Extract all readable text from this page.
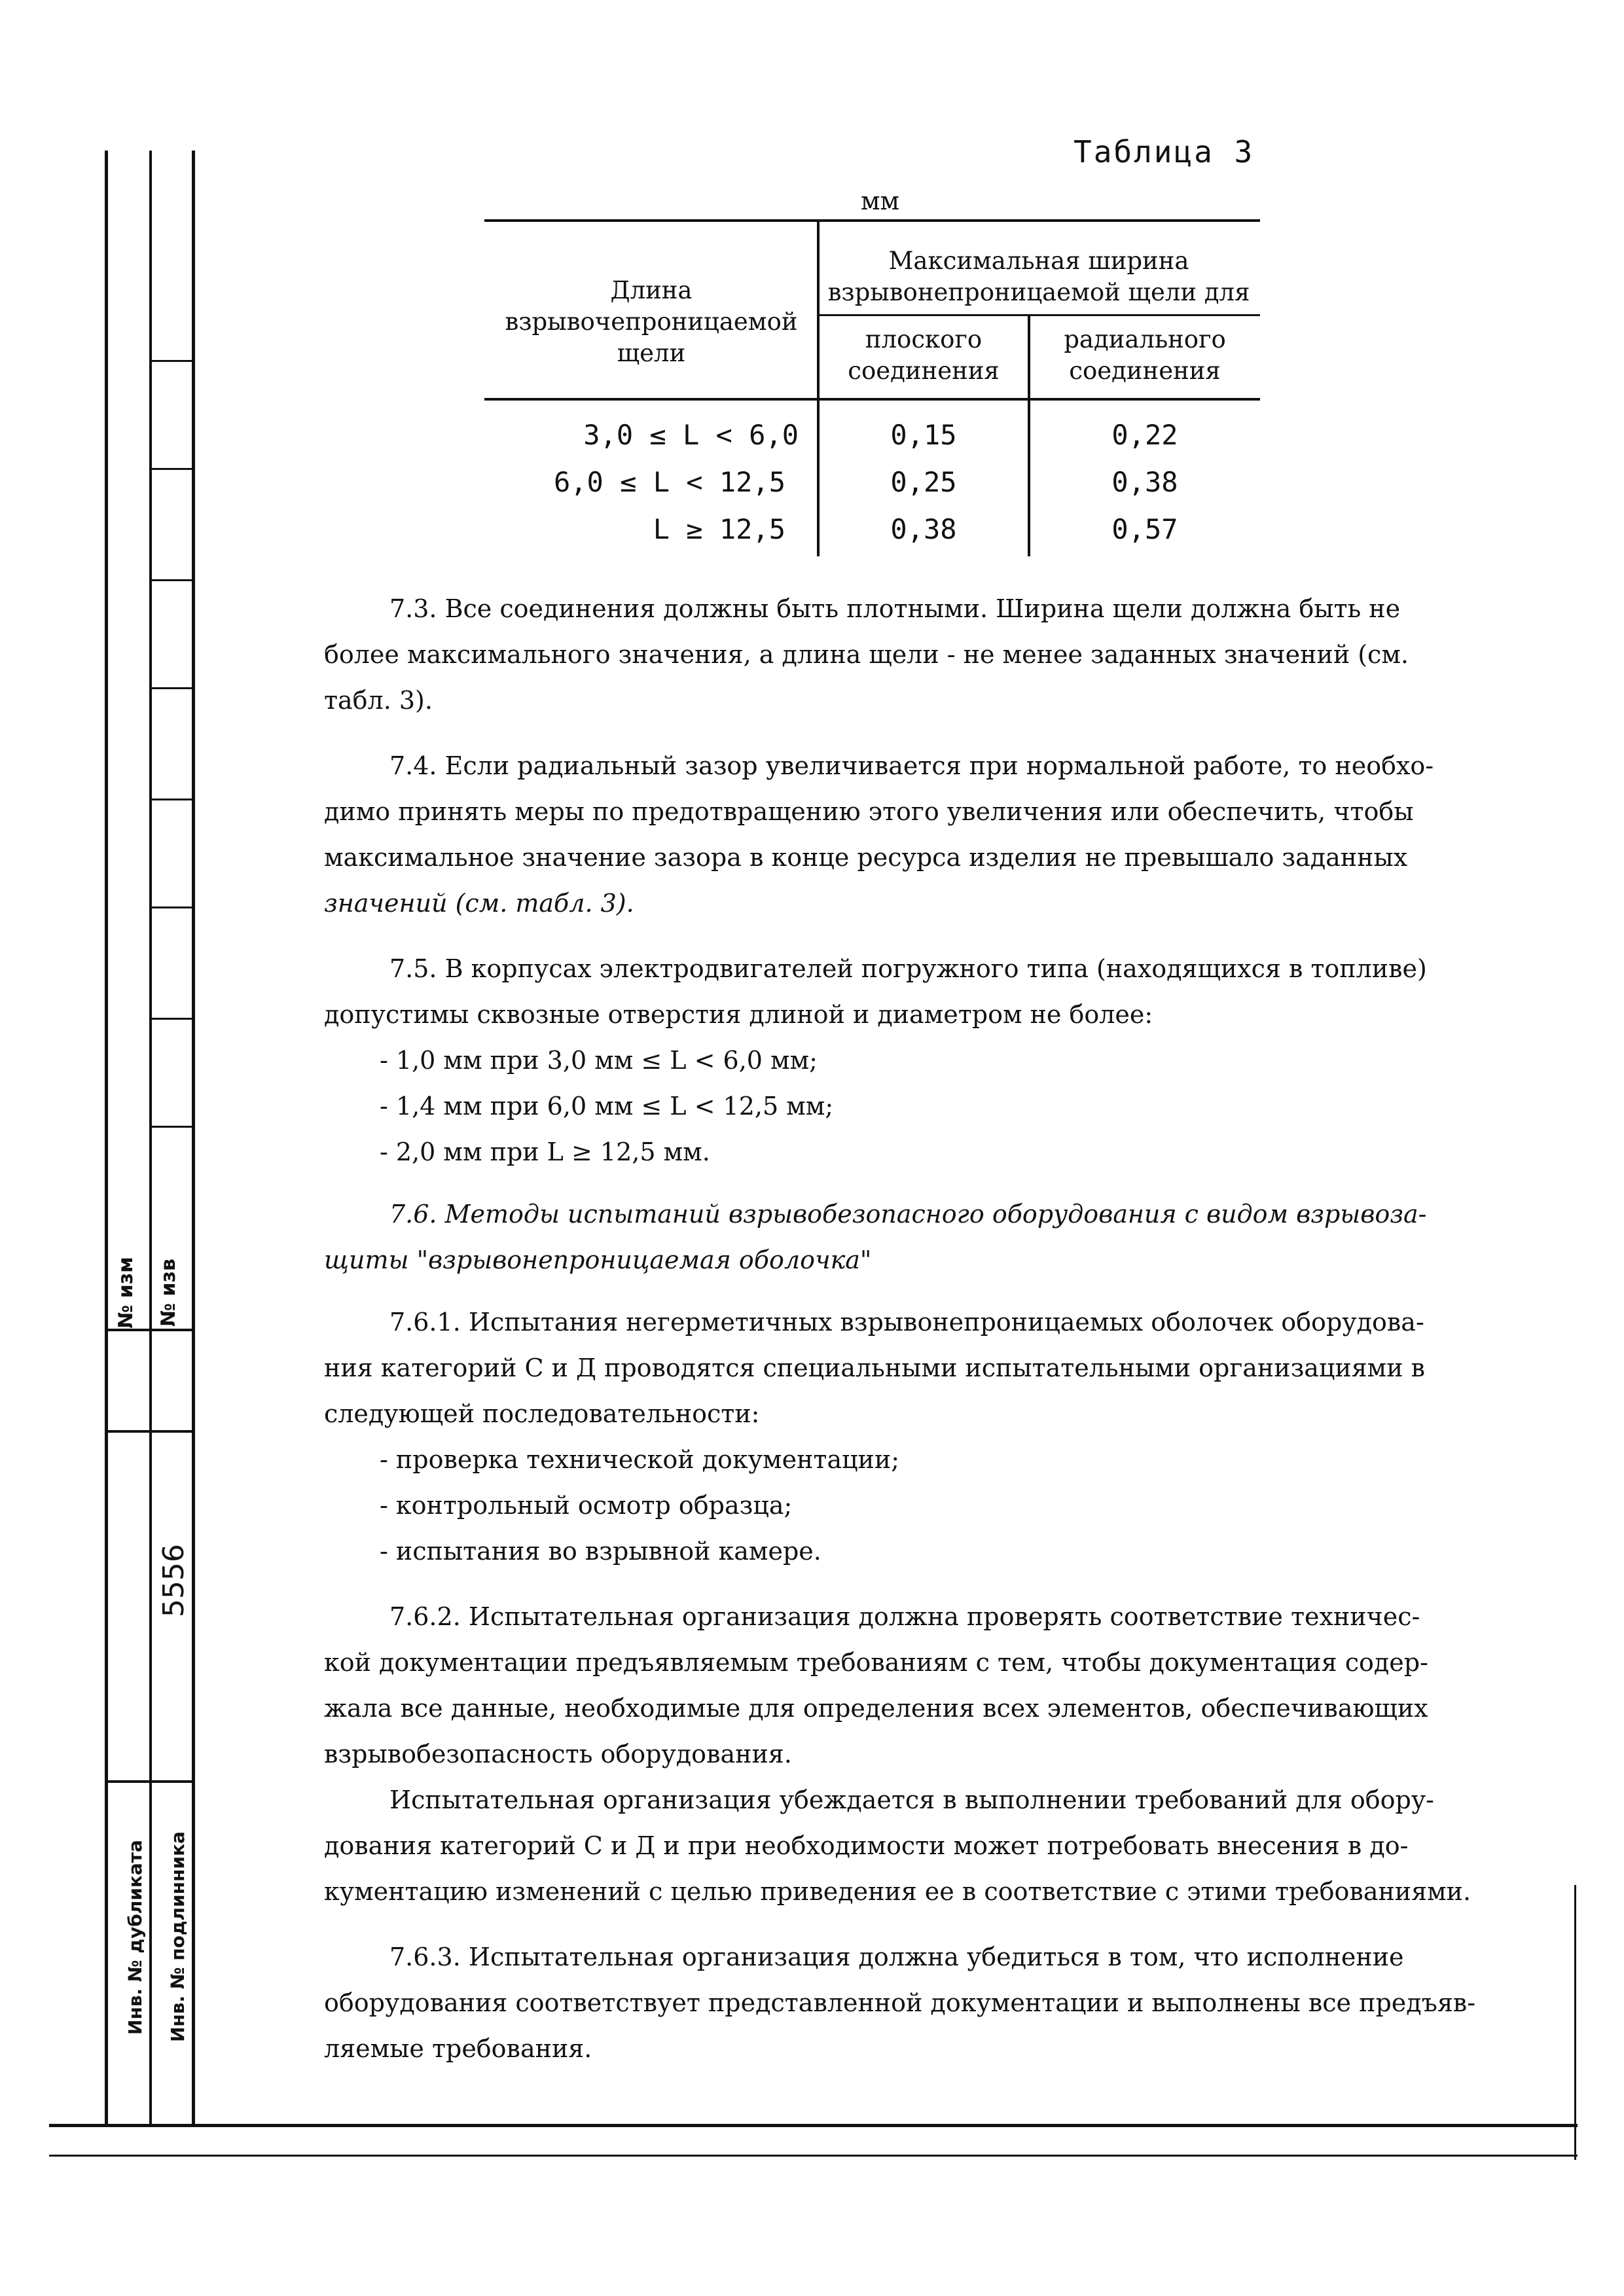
№ изм № изв
5556
Инв. № дубликата Инв. № подлинника
Таблица 3
мм
Длина
взрывочепроницаемой
щели
Максимальная ширина
взрывонепроницаемой щели для
плоского
соединения
радиального
соединения
3,0 ≤ L < 6,0	0,15	0,22
6,0 ≤ L < 12,5	0,25	0,38
L ≥ 12,5	0,38	0,57
7.3. Все соединения должны быть плотными. Ширина щели должна быть не
более максимального значения, а длина щели - не менее заданных значений (см.
табл. 3).
7.4. Если радиальный зазор увеличивается при нормальной работе, то необхо-
димо принять меры по предотвращению этого увеличения или обеспечить, чтобы
максимальное значение зазора в конце ресурса изделия не превышало заданных
значений (см. табл. 3).
7.5. В корпусах электродвигателей погружного типа (находящихся в топливе)
допустимы сквозные отверстия длиной и диаметром не более:
- 1,0 мм при 3,0 мм ≤ L < 6,0 мм;
- 1,4 мм при 6,0 мм ≤ L < 12,5 мм;
- 2,0 мм при L ≥ 12,5 мм.
7.6. Методы испытаний взрывобезопасного оборудования с видом взрывоза-
щиты "взрывонепроницаемая оболочка"
7.6.1. Испытания негерметичных взрывонепроницаемых оболочек оборудова-
ния категорий С и Д проводятся специальными испытательными организациями в
следующей последовательности:
- проверка технической документации;
- контрольный осмотр образца;
- испытания во взрывной камере.
7.6.2. Испытательная организация должна проверять соответствие техничес-
кой документации предъявляемым требованиям с тем, чтобы документация содер-
жала все данные, необходимые для определения всех элементов, обеспечивающих
взрывобезопасность оборудования.
Испытательная организация убеждается в выполнении требований для обору-
дования категорий С и Д и при необходимости может потребовать внесения в до-
кументацию изменений с целью приведения ее в соответствие с этими требованиями.
7.6.3. Испытательная организация должна убедиться в том, что исполнение
оборудования соответствует представленной документации и выполнены все предъяв-
ляемые требования.
